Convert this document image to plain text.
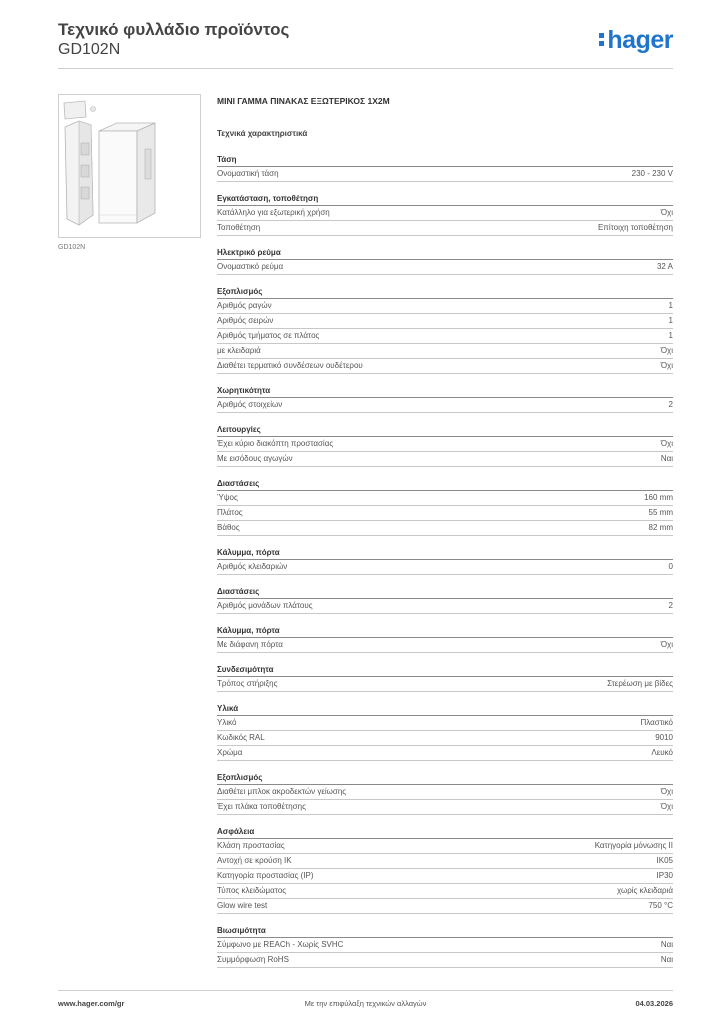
Τεχνικό φυλλάδιο προϊόντος
GD102N	hager
GD102N
MINI ΓΑΜΜΑ ΠΙΝΑΚΑΣ ΕΞΩΤΕΡΙΚΟΣ 1Χ2Μ
Τεχνικά χαρακτηριστικά
Τάση
Ονομαστική τάση	230 - 230 V
Εγκατάσταση, τοποθέτηση
Κατάλληλο για εξωτερική χρήση	Όχι
Τοποθέτηση	Επίτοιχη τοποθέτηση
Ηλεκτρικό ρεύμα
Ονομαστικό ρεύμα	32 A
Εξοπλισμός
Αριθμός ραγών	1
Αριθμός σειρών	1
Αριθμός τμήματος σε πλάτος	1
με κλειδαριά	Όχι
Διαθέτει τερματικό συνδέσεων ουδέτερου	Όχι
Χωρητικότητα
Αριθμός στοιχείων	2
Λειτουργίες
Έχει κύριο διακόπτη προστασίας	Όχι
Με εισόδους αγωγών	Ναι
Διαστάσεις
Ύψος	160 mm
Πλάτος	55 mm
Βάθος	82 mm
Κάλυμμα, πόρτα
Αριθμός κλειδαριών	0
Διαστάσεις
Αριθμός μονάδων πλάτους	2
Κάλυμμα, πόρτα
Με διάφανη πόρτα	Όχι
Συνδεσιμότητα
Τρόπος στήριξης	Στερέωση με βίδες
Υλικά
Υλικό	Πλαστικό
Κωδικός RAL	9010
Χρώμα	Λευκό
Εξοπλισμός
Διαθέτει μπλοκ ακροδεκτών γείωσης	Όχι
Έχει πλάκα τοποθέτησης	Όχι
Ασφάλεια
Κλάση προστασίας	Κατηγορία μόνωσης II
Αντοχή σε κρούση IK	IK05
Κατηγορία προστασίας (IP)	IP30
Τύπος κλειδώματος	χωρίς κλειδαριά
Glow wire test	750 °C
Βιωσιμότητα
Σύμφωνο με REACh - Χωρίς SVHC	Ναι
Συμμόρφωση RoHS	Ναι
www.hager.com/gr	Με την επιφύλαξη τεχνικών αλλαγών	04.03.2026
